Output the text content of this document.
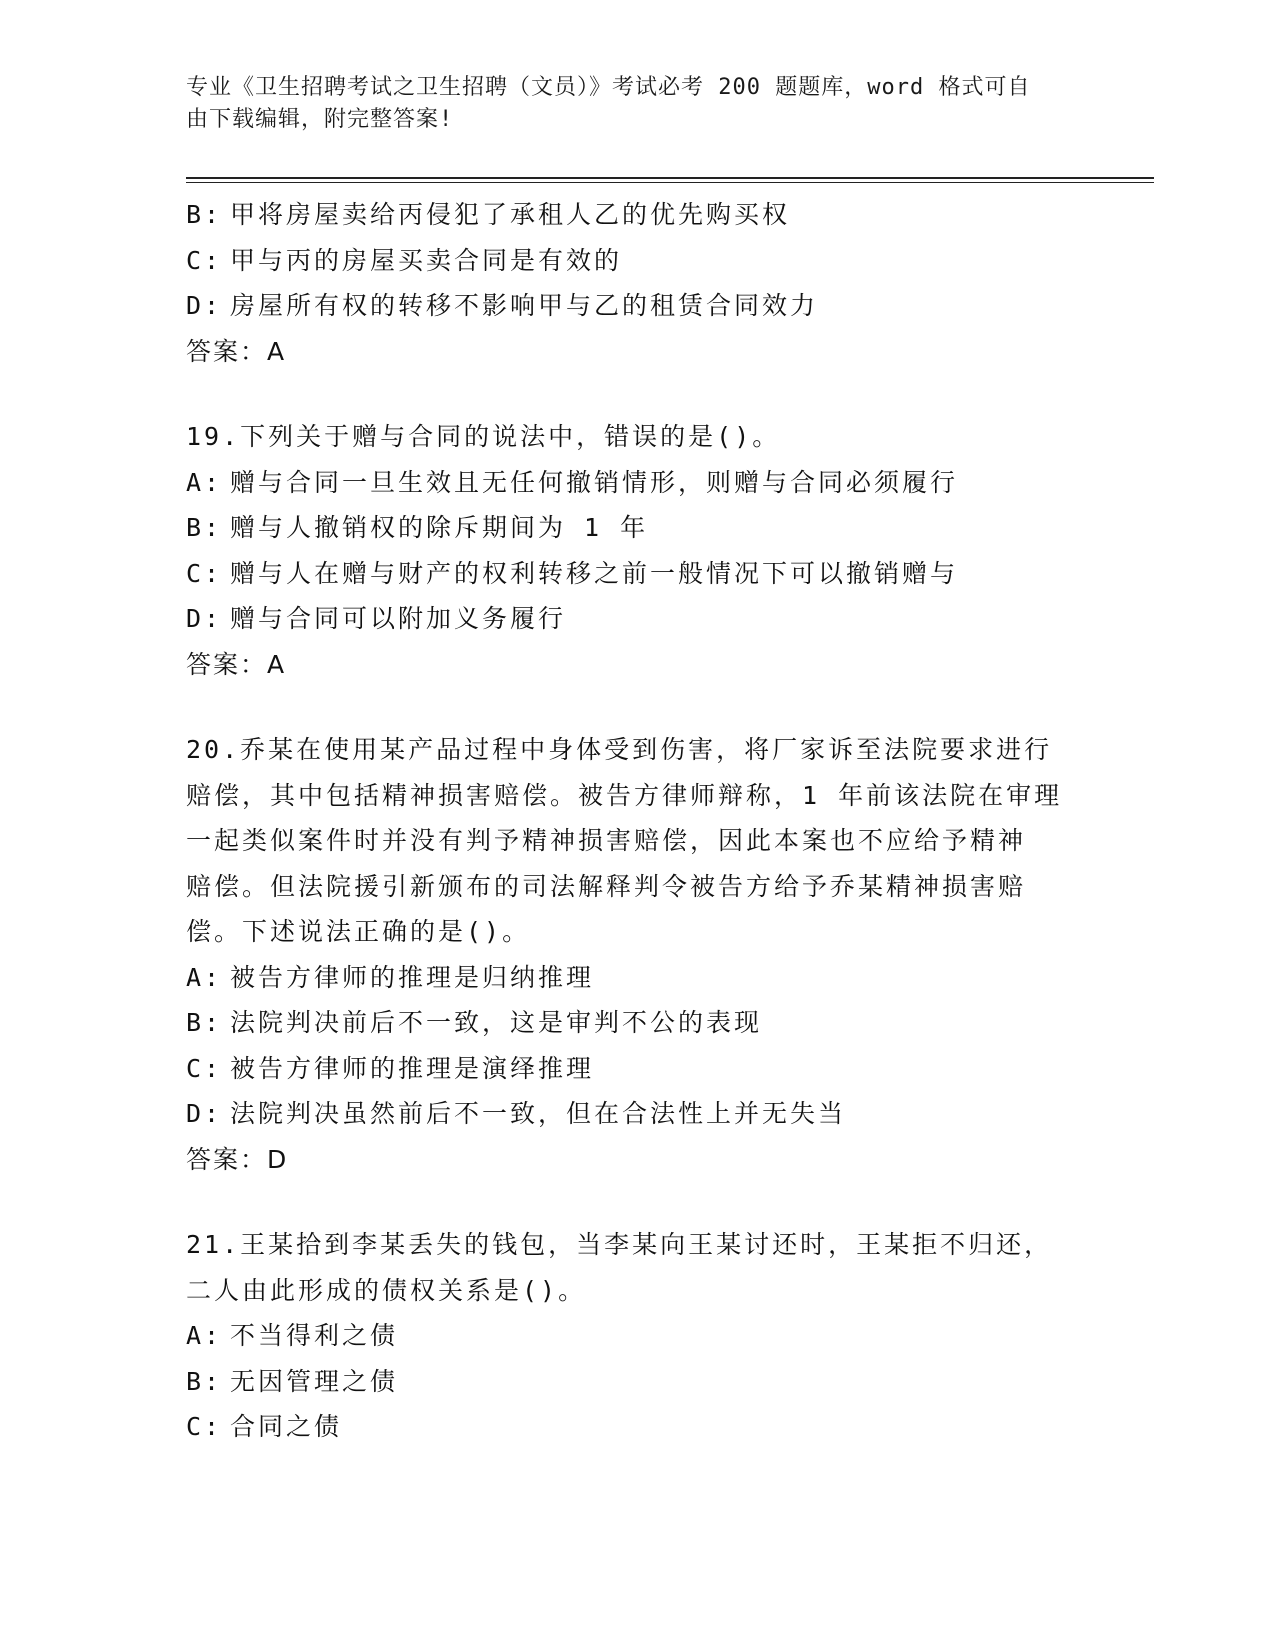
专业《卫生招聘考试之卫生招聘（文员）》考试必考 200 题题库，word 格式可自
由下载编辑，附完整答案!
B: 甲将房屋卖给丙侵犯了承租人乙的优先购买权
C: 甲与丙的房屋买卖合同是有效的
D: 房屋所有权的转移不影响甲与乙的租赁合同效力
答案：A
19.下列关于赠与合同的说法中，错误的是()。
A: 赠与合同一旦生效且无任何撤销情形，则赠与合同必须履行
B: 赠与人撤销权的除斥期间为 1 年
C: 赠与人在赠与财产的权利转移之前一般情况下可以撤销赠与
D: 赠与合同可以附加义务履行
答案：A
20.乔某在使用某产品过程中身体受到伤害，将厂家诉至法院要求进行
赔偿，其中包括精神损害赔偿。被告方律师辩称，1 年前该法院在审理
一起类似案件时并没有判予精神损害赔偿，因此本案也不应给予精神
赔偿。但法院援引新颁布的司法解释判令被告方给予乔某精神损害赔
偿。下述说法正确的是()。
A: 被告方律师的推理是归纳推理
B: 法院判决前后不一致，这是审判不公的表现
C: 被告方律师的推理是演绎推理
D: 法院判决虽然前后不一致，但在合法性上并无失当
答案：D
21.王某拾到李某丢失的钱包，当李某向王某讨还时，王某拒不归还，
二人由此形成的债权关系是()。
A: 不当得利之债
B: 无因管理之债
C: 合同之债
